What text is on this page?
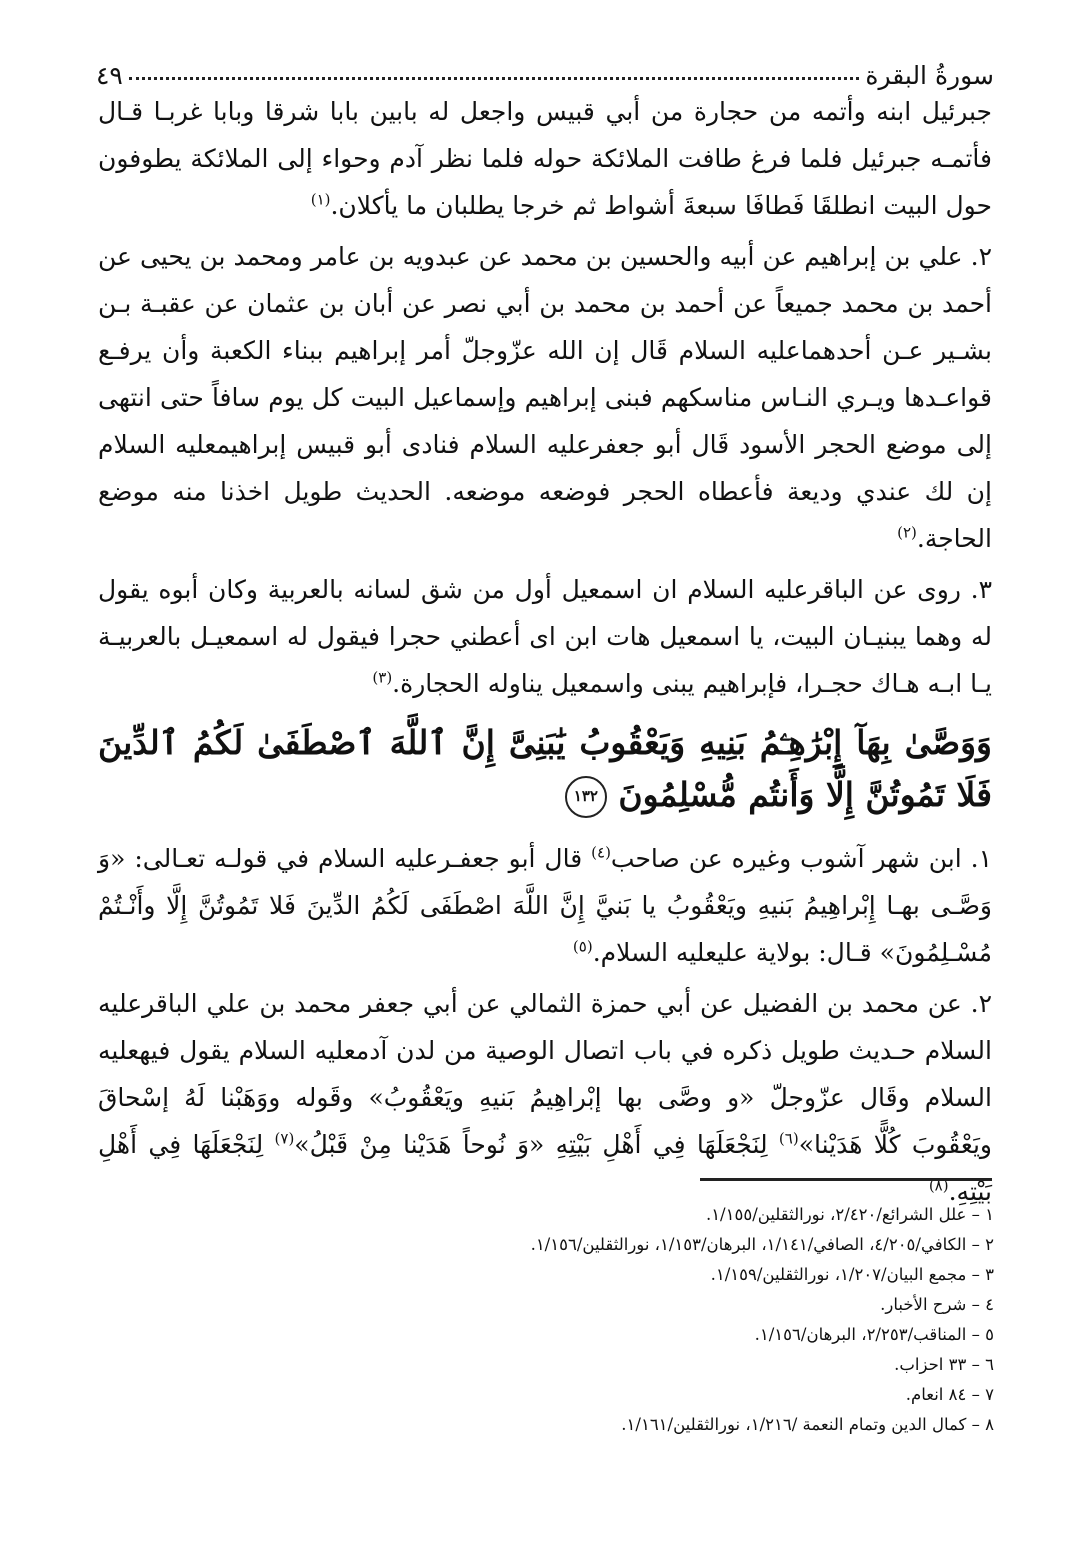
سورةُ البقرة
٤٩

جبرئيل ابنه وأتمه من حجارة من أبي قبيس واجعل له بابين بابا شرقا وبابا غربـا قـال فأتمـه جبرئيل فلما فرغ طافت الملائكة حوله فلما نظر آدم وحواء إلى الملائكة يطوفون حول البيت انطلقَا فَطافَا سبعةَ أشواط ثم خرجا يطلبان ما يأكلان.$^{(١)}$

٢. علي بن إبراهيم عن أبيه والحسين بن محمد عن عبدويه بن عامر ومحمد بن يحيى عن أحمد بن محمد جميعاً عن أحمد بن محمد بن أبي نصر عن أبان بن عثمان عن عقبـة بـن بشـير عـن أحدهماعليه السلام قَال إن الله عزّوجلّ أمر إبراهيم ببناء الكعبة وأن يرفـع قواعـدها ويـري النـاس مناسكهم فبنى إبراهيم وإسماعيل البيت كل يوم سافاً حتى انتهى إلى موضع الحجر الأسود قَال أبو جعفرعليه السلام فنادى أبو قبيس إبراهيمعليه السلام إن لك عندي وديعة فأعطاه الحجر فوضعه موضعه. الحديث طويل اخذنا منه موضع الحاجة.$^{(٢)}$

٣. روى عن الباقرعليه السلام ان اسمعيل أول من شق لسانه بالعربية وكان أبوه يقول له وهما يبنيـان البيت، يا اسمعيل هات ابن اى أعطني حجرا فيقول له اسمعيـل بالعربيـة يـا ابـه هـاك حجـرا، فإبراهيم يبنى واسمعيل يناوله الحجارة.$^{(٣)}$

وَوَصَّىٰ بِهَآ إِبْرَٰهِـۧمُ بَنِيهِ وَيَعْقُوبُ يَٰبَنِىَّ إِنَّ ٱللَّهَ ٱصْطَفَىٰ لَكُمُ ٱلدِّينَ فَلَا تَمُوتُنَّ إِلَّا وَأَنتُم مُّسْلِمُونَ ١٣٢

١. ابن شهر آشوب وغيره عن صاحب$^{(٤)}$ قال أبو جعفـرعليه السلام في قولـه تعـالى: «وَ وَصَّـى بهـا إِبْراهِيمُ بَنيهِ ويَعْقُوبُ يا بَنيَّ إِنَّ اللَّهَ اصْطَفَى لَكُمُ الدِّينَ فَلا تَمُوتُنَّ إِلَّا وأَنْـتُمْ مُسْـلِمُونَ» قـال: بولاية عليعليه السلام.$^{(٥)}$

٢. عن محمد بن الفضيل عن أبي حمزة الثمالي عن أبي جعفر محمد بن علي الباقرعليه السلام حـديث طويل ذكره في باب اتصال الوصية من لدن آدمعليه السلام يقول فيهعليه السلام وقَال عزّوجلّ «و وصَّى بها إبْراهِيمُ بَنيهِ ويَعْقُوبُ» وقَوله ووَهَبْنا لَهُ إسْحاقَ ويَعْقُوبَ كُلًّا هَدَيْنا»$^{(٦)}$ لِنَجْعَلَهَا فِي أَهْلِ بَيْتِهِ «وَ نُوحاً هَدَيْنا مِنْ قَبْلُ»$^{(٧)}$ لِنَجْعَلَهَا فِي أَهْلِ بَيْتِهِ.$^{(٨)}$

١ – علل الشرائع/٢/٤٢٠، نورالثقلين/١/١٥٥.
٢ – الكافي/٤/٢٠٥، الصافي/١/١٤١، البرهان/١/١٥٣، نورالثقلين/١/١٥٦.
٣ – مجمع البيان/١/٢٠٧، نورالثقلين/١/١٥٩.
٤ – شرح الأخبار.
٥ – المناقب/٢/٢٥٣، البرهان/١/١٥٦.
٦ – ٣٣ احزاب.
٧ – ٨٤ انعام.
٨ – كمال الدين وتمام النعمة /١/٢١٦، نورالثقلين/١/١٦١.
